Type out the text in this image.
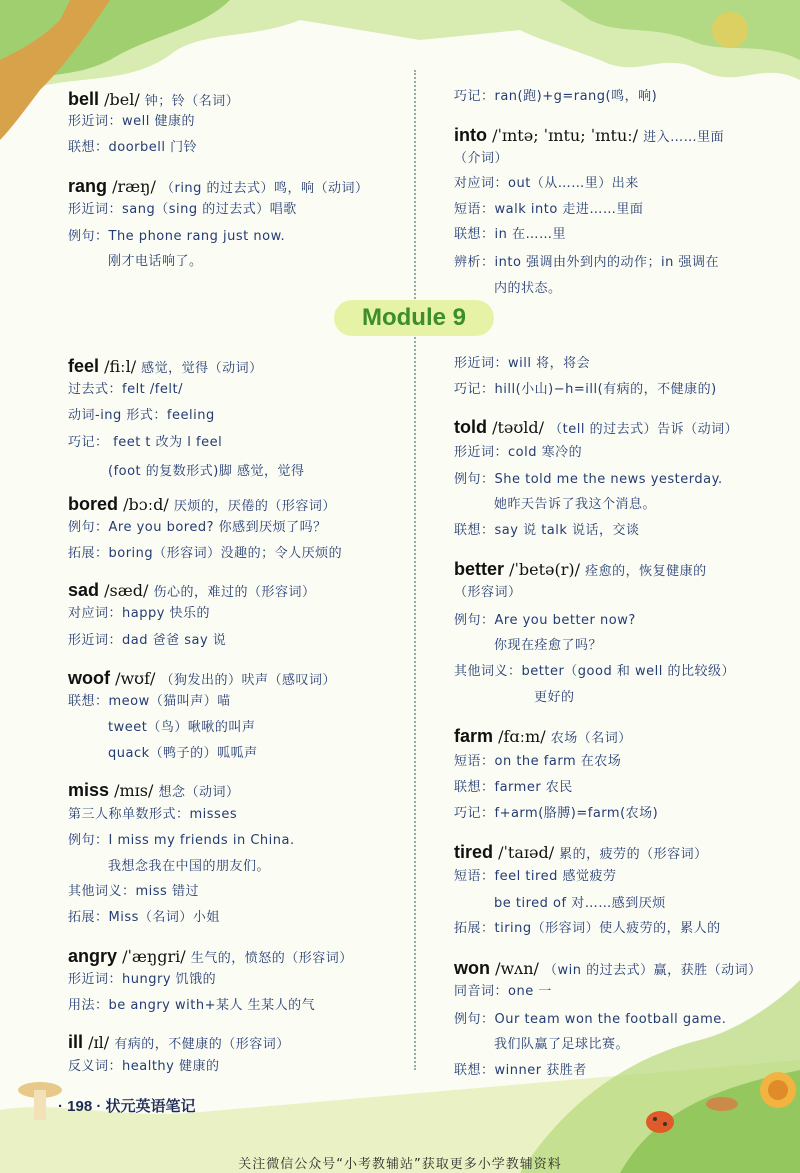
bell /bel/ 钟；铃（名词）
形近词：well 健康的
联想：doorbell 门铃
rang /ræŋ/ （ring 的过去式）鸣，响（动词）
形近词：sang（sing 的过去式）唱歌
例句：The phone rang just now.
刚才电话响了。
巧记：ran(跑)+g=rang(鸣，响)
into /ˈɪntə; ˈɪntu; ˈɪntuː/ 进入……里面
（介词）
对应词：out（从……里）出来
短语：walk into 走进……里面
联想：in 在……里
辨析：into 强调由外到内的动作；in 强调在
内的状态。
Module 9
feel /fiːl/ 感觉，觉得（动词）
过去式：felt /felt/
动词-ing 形式：feeling
巧记： feet t 改为 l feel
(foot 的复数形式)脚 感觉，觉得
bored /bɔːd/ 厌烦的，厌倦的（形容词）
例句：Are you bored? 你感到厌烦了吗？
拓展：boring（形容词）没趣的；令人厌烦的
sad /sæd/ 伤心的，难过的（形容词）
对应词：happy 快乐的
形近词：dad 爸爸 say 说
woof /wʊf/ （狗发出的）吠声（感叹词）
联想：meow（猫叫声）喵
tweet（鸟）啾啾的叫声
quack（鸭子的）呱呱声
miss /mɪs/ 想念（动词）
第三人称单数形式：misses
例句：I miss my friends in China.
我想念我在中国的朋友们。
其他词义：miss 错过
拓展：Miss（名词）小姐
angry /ˈæŋgri/ 生气的，愤怒的（形容词）
形近词：hungry 饥饿的
用法：be angry with+某人 生某人的气
ill /ɪl/ 有病的，不健康的（形容词）
反义词：healthy 健康的
形近词：will 将，将会
巧记：hill(小山)−h=ill(有病的，不健康的)
told /təʊld/ （tell 的过去式）告诉（动词）
形近词：cold 寒冷的
例句：She told me the news yesterday.
她昨天告诉了我这个消息。
联想：say 说 talk 说话，交谈
better /ˈbetə(r)/ 痊愈的，恢复健康的
（形容词）
例句：Are you better now?
你现在痊愈了吗？
其他词义：better（good 和 well 的比较级）
更好的
farm /fɑːm/ 农场（名词）
短语：on the farm 在农场
联想：farmer 农民
巧记：f+arm(胳膊)=farm(农场)
tired /ˈtaɪəd/ 累的，疲劳的（形容词）
短语：feel tired 感觉疲劳
be tired of 对……感到厌烦
拓展：tiring（形容词）使人疲劳的，累人的
won /wʌn/ （win 的过去式）赢，获胜（动词）
同音词：one 一
例句：Our team won the football game.
我们队赢了足球比赛。
联想：winner 获胜者
· 198 · 状元英语笔记
关注微信公众号“小考教辅站”获取更多小学教辅资料
